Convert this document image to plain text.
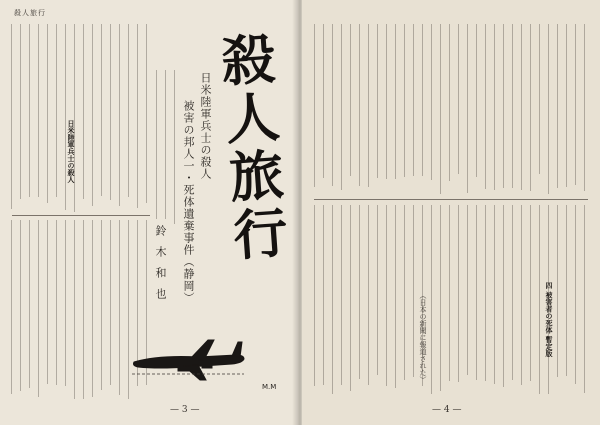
殺人旅行
殺人旅行
日米陸軍兵士の殺人
被害の邦人一・死体遺棄事件（静岡）
鈴木和也
日米陸軍兵士の殺人
M.M
— 3 —
四 被害者の死体 暫定版
（日本の新聞に報道された）
— 4 —
